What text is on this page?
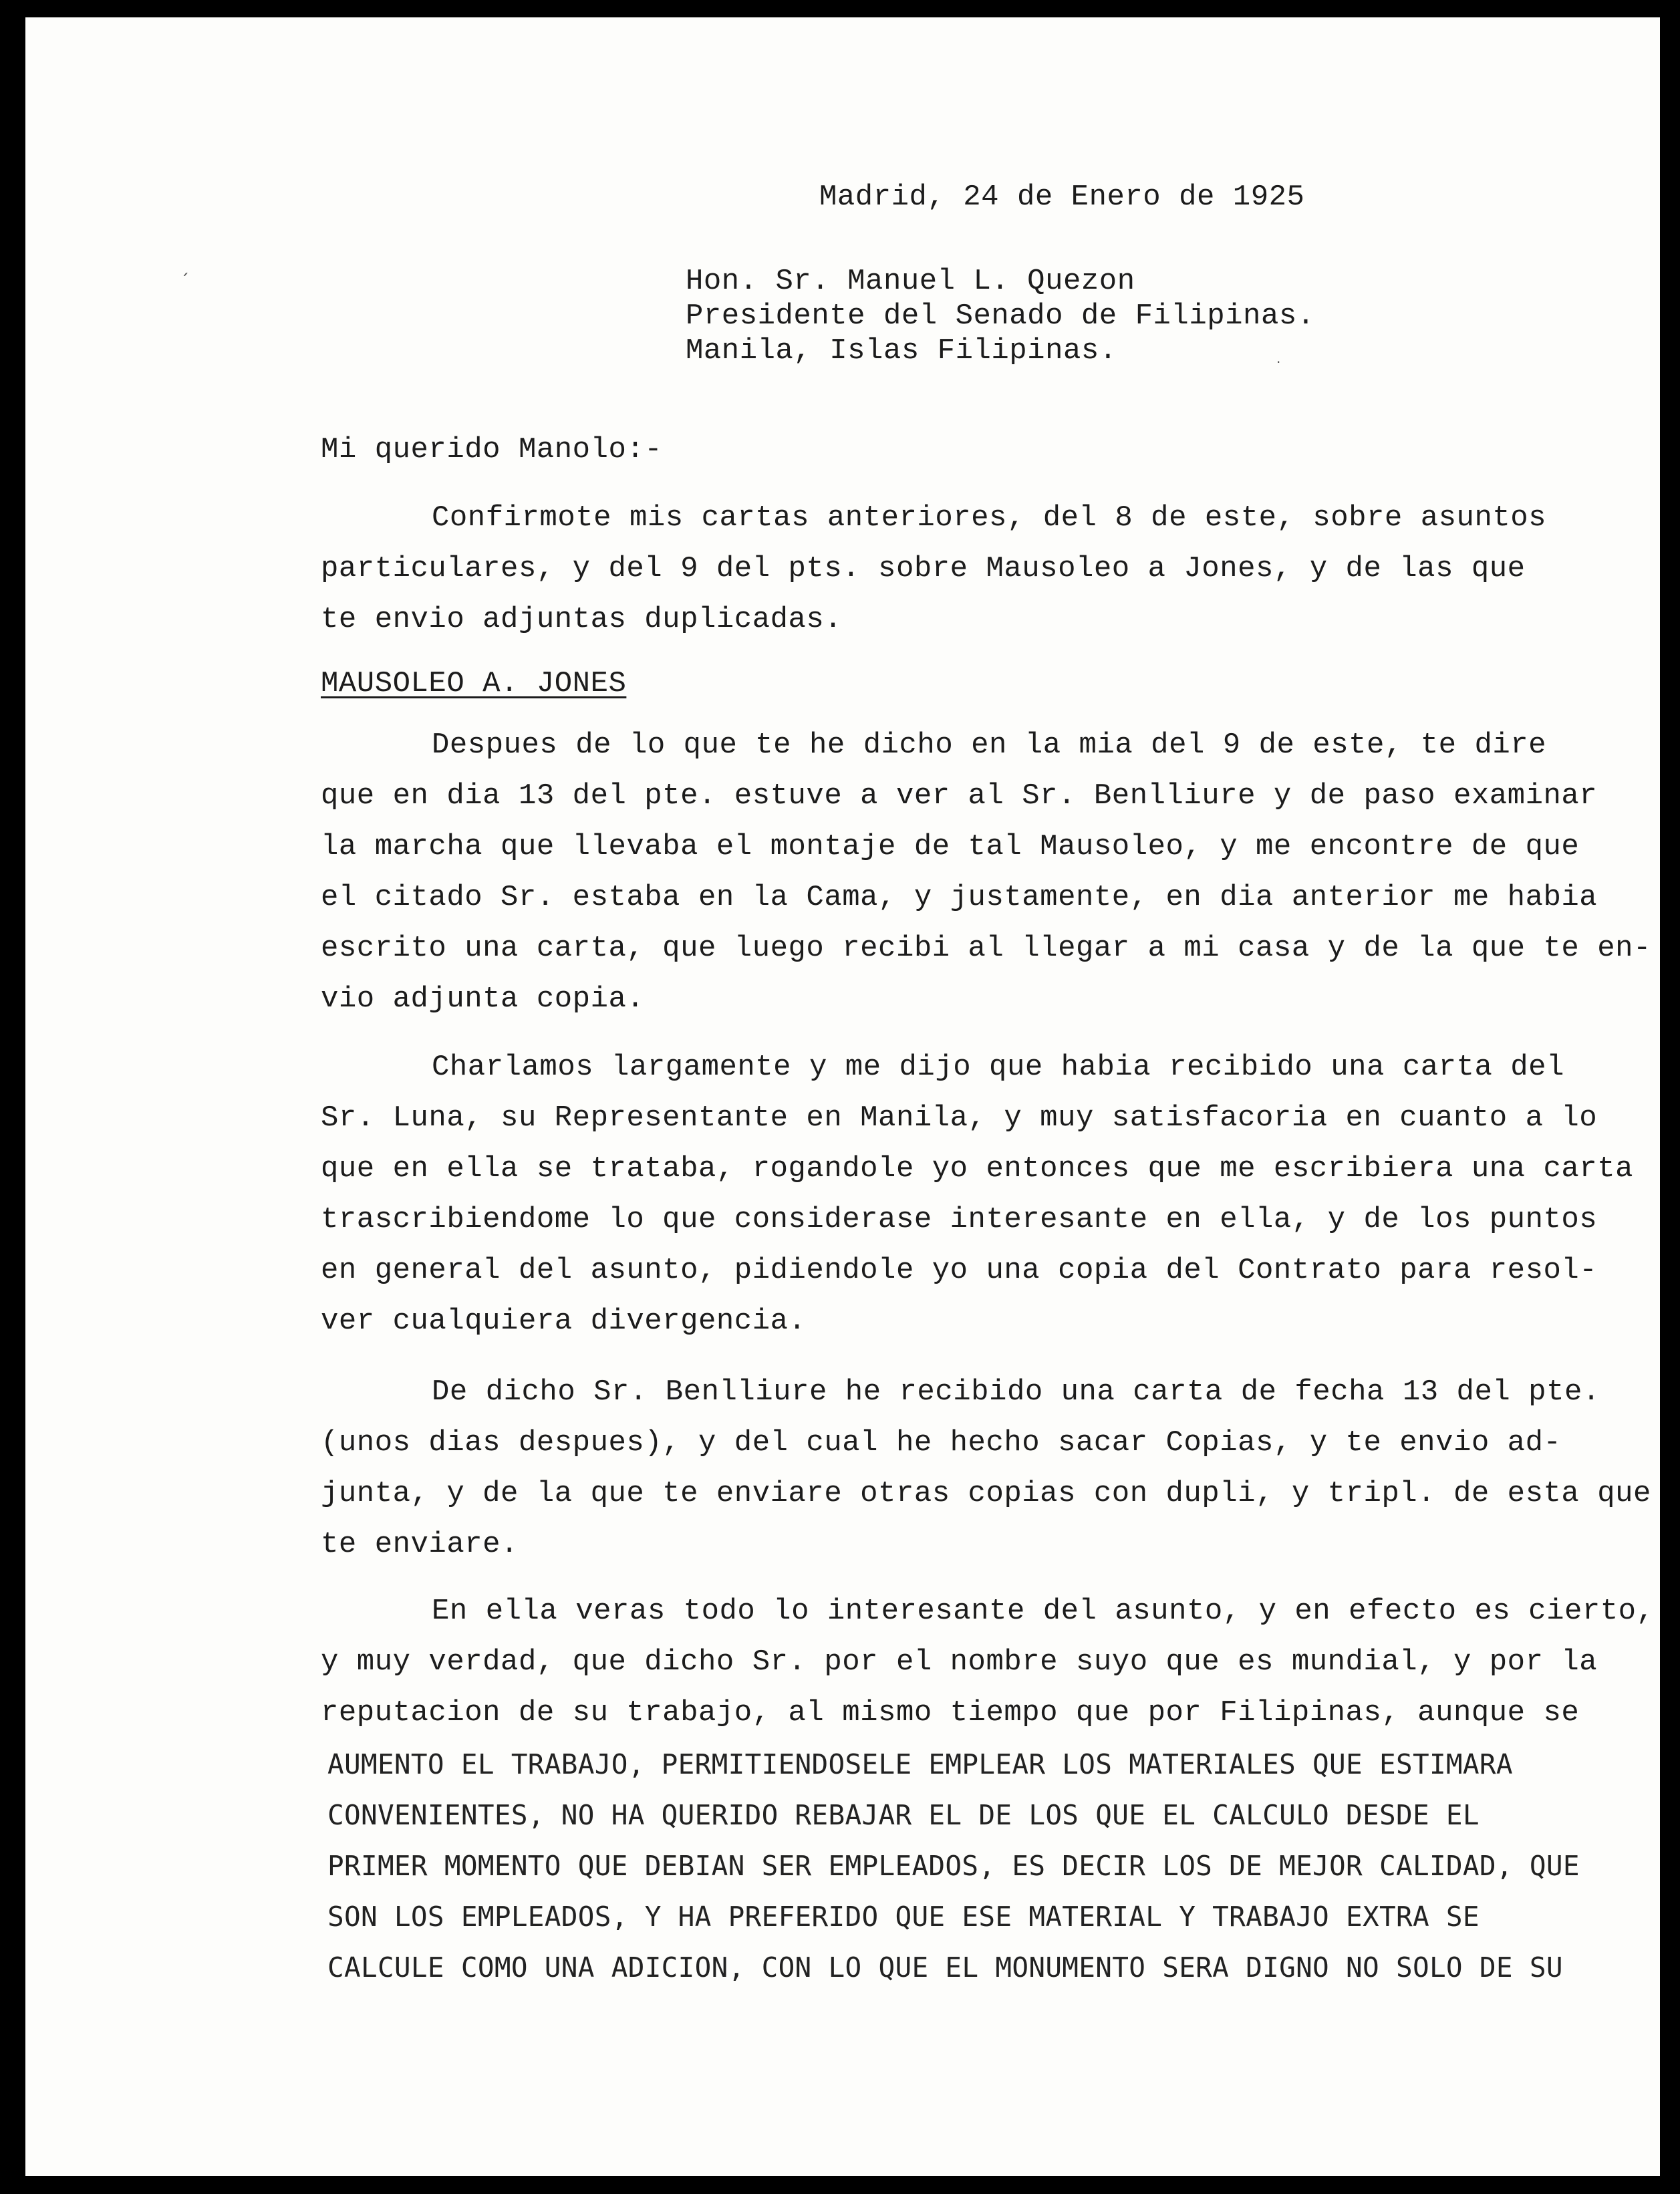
ˊ
·
Madrid, 24 de Enero de 1925
Hon. Sr. Manuel L. Quezon
Presidente del Senado de Filipinas.
Manila, Islas Filipinas.
Mi querido Manolo:-
Confirmote mis cartas anteriores, del 8 de este, sobre asuntos
particulares, y del 9 del pts. sobre Mausoleo a Jones, y de las que
te envio adjuntas duplicadas.
MAUSOLEO A. JONES
Despues de lo que te he dicho en la mia del 9 de este, te dire
que en dia 13 del pte. estuve a ver al Sr. Benlliure y de paso examinar
la marcha que llevaba el montaje de tal Mausoleo, y me encontre de que
el citado Sr. estaba en la Cama, y justamente, en dia anterior me habia
escrito una carta, que luego recibi al llegar a mi casa y de la que te en-
vio adjunta copia.
Charlamos largamente y me dijo que habia recibido una carta del
Sr. Luna, su Representante en Manila, y muy satisfacoria en cuanto a lo
que en ella se trataba, rogandole yo entonces que me escribiera una carta
trascribiendome lo que considerase interesante en ella, y de los puntos
en general del asunto, pidiendole yo una copia del Contrato para resol-
ver cualquiera divergencia.
De dicho Sr. Benlliure he recibido una carta de fecha 13 del pte.
(unos dias despues), y del cual he hecho sacar Copias, y te envio ad-
junta, y de la que te enviare otras copias con dupli, y tripl. de esta que
te enviare.
En ella veras todo lo interesante del asunto, y en efecto es cierto,
y muy verdad, que dicho Sr. por el nombre suyo que es mundial, y por la
reputacion de su trabajo, al mismo tiempo que por Filipinas, aunque se
AUMENTO EL TRABAJO, PERMITIENDOSELE EMPLEAR LOS MATERIALES QUE ESTIMARA
CONVENIENTES, NO HA QUERIDO REBAJAR EL DE LOS QUE EL CALCULO DESDE EL
PRIMER MOMENTO QUE DEBIAN SER EMPLEADOS, ES DECIR LOS DE MEJOR CALIDAD, QUE
SON LOS EMPLEADOS, Y HA PREFERIDO QUE ESE MATERIAL Y TRABAJO EXTRA SE
CALCULE COMO UNA ADICION, CON LO QUE EL MONUMENTO SERA DIGNO NO SOLO DE SU
